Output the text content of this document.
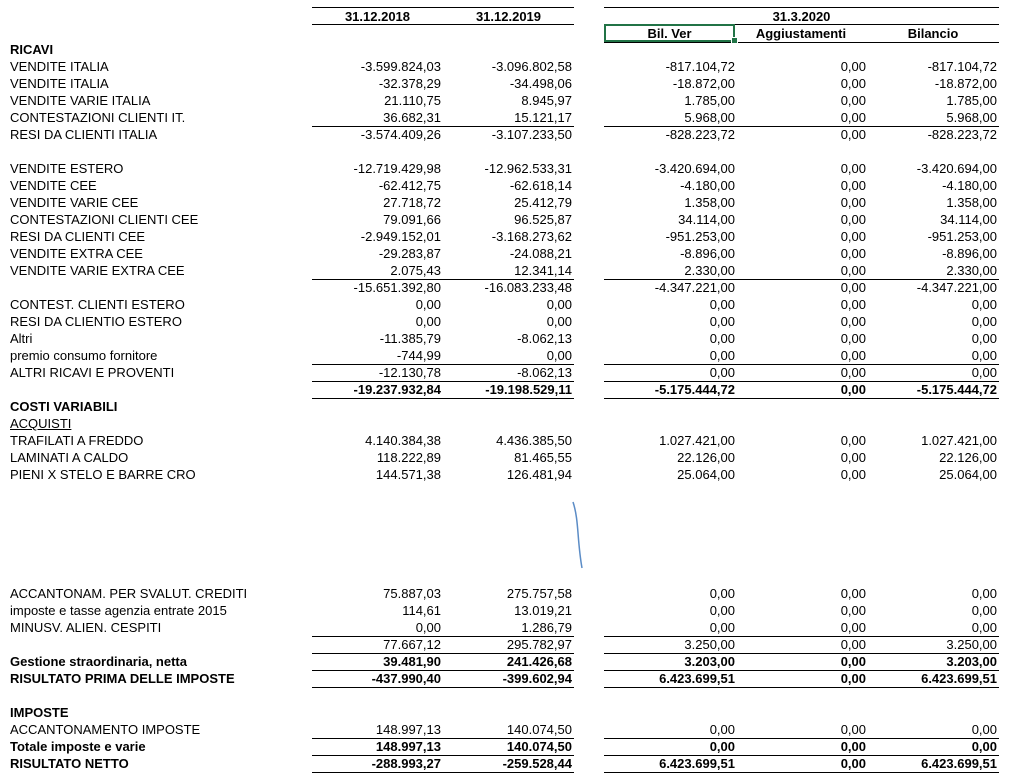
31.12.2018	31.12.2019	31.3.2020
Bil. Ver	Aggiustamenti	Bilancio
RICAVI
VENDITE ITALIA	-3.599.824,03	-3.096.802,58	-817.104,72	0,00	-817.104,72
VENDITE ITALIA	-32.378,29	-34.498,06	-18.872,00	0,00	-18.872,00
VENDITE VARIE ITALIA	21.110,75	8.945,97	1.785,00	0,00	1.785,00
CONTESTAZIONI CLIENTI IT.	36.682,31	15.121,17	5.968,00	0,00	5.968,00
RESI DA CLIENTI ITALIA	-3.574.409,26	-3.107.233,50	-828.223,72	0,00	-828.223,72
VENDITE ESTERO	-12.719.429,98	-12.962.533,31	-3.420.694,00	0,00	-3.420.694,00
VENDITE CEE	-62.412,75	-62.618,14	-4.180,00	0,00	-4.180,00
VENDITE VARIE CEE	27.718,72	25.412,79	1.358,00	0,00	1.358,00
CONTESTAZIONI CLIENTI CEE	79.091,66	96.525,87	34.114,00	0,00	34.114,00
RESI DA CLIENTI CEE	-2.949.152,01	-3.168.273,62	-951.253,00	0,00	-951.253,00
VENDITE EXTRA CEE	-29.283,87	-24.088,21	-8.896,00	0,00	-8.896,00
VENDITE VARIE EXTRA CEE	2.075,43	12.341,14	2.330,00	0,00	2.330,00
-15.651.392,80	-16.083.233,48	-4.347.221,00	0,00	-4.347.221,00
CONTEST. CLIENTI ESTERO	0,00	0,00	0,00	0,00	0,00
RESI DA CLIENTIO ESTERO	0,00	0,00	0,00	0,00	0,00
Altri	-11.385,79	-8.062,13	0,00	0,00	0,00
premio consumo fornitore	-744,99	0,00	0,00	0,00	0,00
ALTRI RICAVI E PROVENTI	-12.130,78	-8.062,13	0,00	0,00	0,00
-19.237.932,84	-19.198.529,11	-5.175.444,72	0,00	-5.175.444,72
COSTI VARIABILI
ACQUISTI
TRAFILATI A FREDDO	4.140.384,38	4.436.385,50	1.027.421,00	0,00	1.027.421,00
LAMINATI A CALDO	118.222,89	81.465,55	22.126,00	0,00	22.126,00
PIENI X STELO E BARRE CRO	144.571,38	126.481,94	25.064,00	0,00	25.064,00
ACCANTONAM. PER SVALUT. CREDITI	75.887,03	275.757,58	0,00	0,00	0,00
imposte e tasse agenzia entrate 2015	114,61	13.019,21	0,00	0,00	0,00
MINUSV. ALIEN. CESPITI	0,00	1.286,79	0,00	0,00	0,00
77.667,12	295.782,97	3.250,00	0,00	3.250,00
Gestione straordinaria, netta	39.481,90	241.426,68	3.203,00	0,00	3.203,00
RISULTATO PRIMA DELLE IMPOSTE	-437.990,40	-399.602,94	6.423.699,51	0,00	6.423.699,51
IMPOSTE
ACCANTONAMENTO IMPOSTE	148.997,13	140.074,50	0,00	0,00	0,00
Totale imposte e varie	148.997,13	140.074,50	0,00	0,00	0,00
RISULTATO NETTO	-288.993,27	-259.528,44	6.423.699,51	0,00	6.423.699,51
